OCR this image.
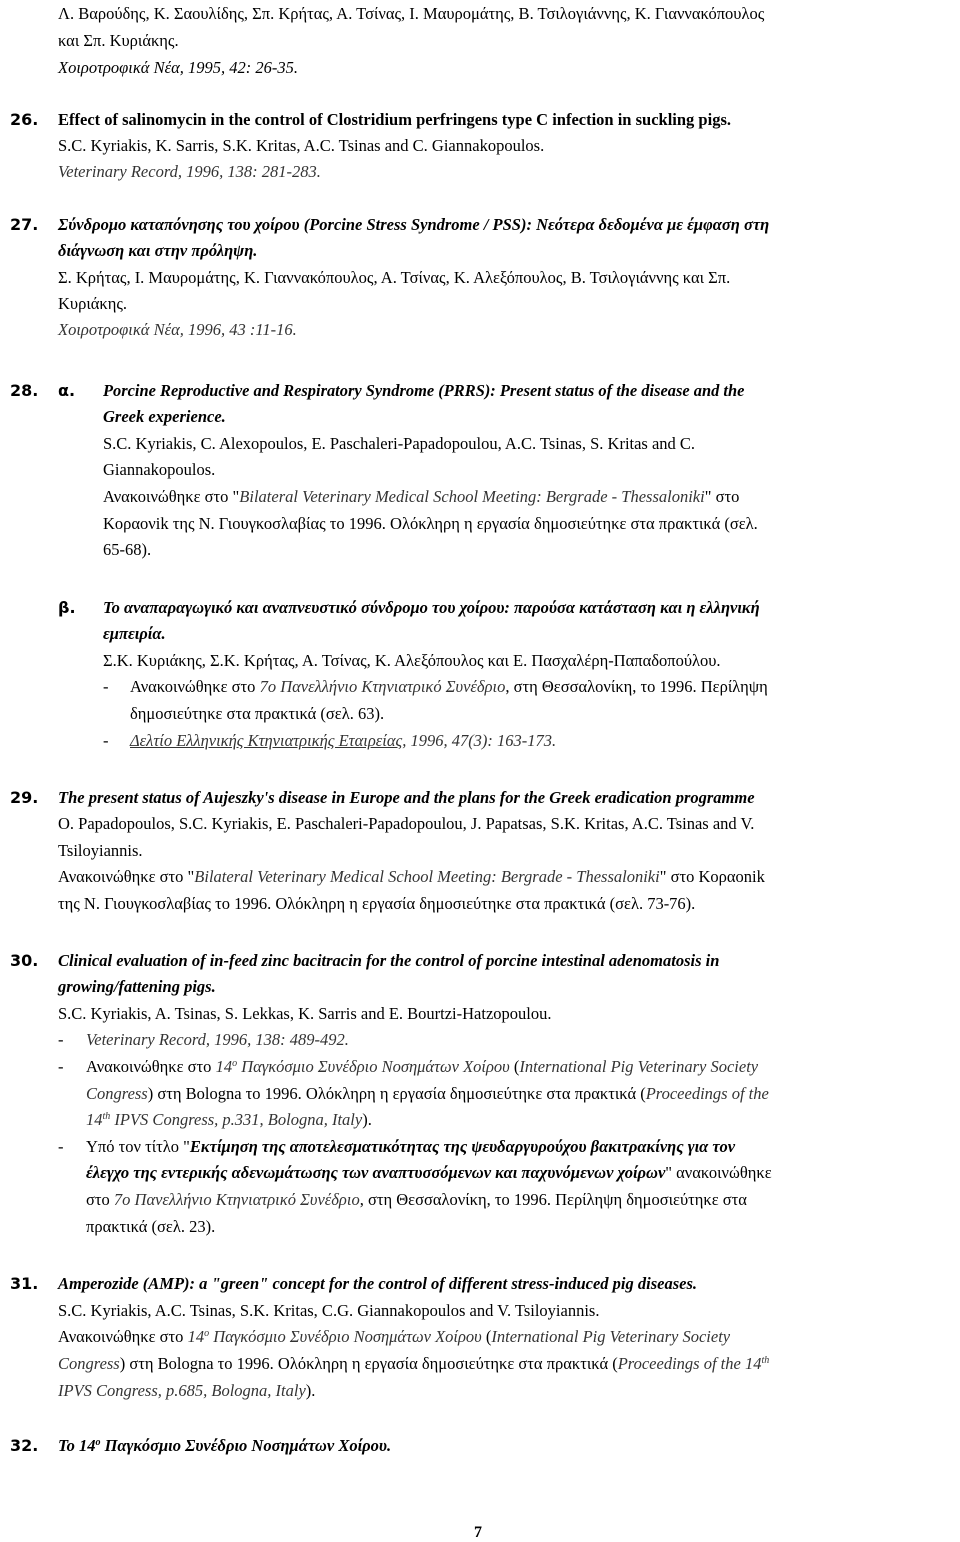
Λ. Βαρούδης, Κ. Σαουλίδης, Σπ. Κρήτας, Α. Τσίνας, Ι. Μαυρομάτης, Β. Τσιλογιάννης, Κ. Γιαννακόπουλος
και Σπ. Κυριάκης.
Χοιροτροφικά Νέα, 1995, 42: 26-35.
26. Effect of salinomycin in the control of Clostridium perfringens type C infection in suckling pigs.
S.C. Kyriakis, K. Sarris, S.K. Kritas, A.C. Tsinas and C. Giannakopoulos.
Veterinary Record, 1996, 138: 281-283.
27. Σύνδρομο καταπόνησης του χοίρου (Porcine Stress Syndrome / PSS): Νεότερα δεδομένα με έμφαση στη
διάγνωση και στην πρόληψη.
Σ. Κρήτας, Ι. Μαυρομάτης, Κ. Γιαννακόπουλος, Α. Τσίνας, Κ. Αλεξόπουλος, Β. Τσιλογιάννης και Σπ.
Κυριάκης.
Χοιροτροφικά Νέα, 1996, 43 :11-16.
28. α. Porcine Reproductive and Respiratory Syndrome (PRRS): Present status of the disease and the
Greek experience.
S.C. Kyriakis, C. Alexopoulos, E. Paschaleri-Papadopoulou, A.C. Tsinas, S. Kritas and C.
Giannakopoulos.
Ανακοινώθηκε στο "Bilateral Veterinary Medical School Meeting: Bergrade - Thessaloniki" στο
Κοραονik της Ν. Γιουγκοσλαβίας το 1996. Ολόκληρη η εργασία δημοσιεύτηκε στα πρακτικά (σελ.
65-68).
β. Το αναπαραγωγικό και αναπνευστικό σύνδρομο του χοίρου: παρούσα κατάσταση και η ελληνική
εμπειρία.
Σ.Κ. Κυριάκης, Σ.Κ. Κρήτας, Α. Τσίνας, Κ. Αλεξόπουλος και Ε. Πασχαλέρη-Παπαδοπούλου.
- Ανακοινώθηκε στο 7ο Πανελλήνιο Κτηνιατρικό Συνέδριο, στη Θεσσαλονίκη, το 1996. Περίληψη
δημοσιεύτηκε στα πρακτικά (σελ. 63).
- Δελτίο Ελληνικής Κτηνιατρικής Εταιρείας, 1996, 47(3): 163-173.
29. The present status of Aujeszky's disease in Europe and the plans for the Greek eradication programme
O. Papadopoulos, S.C. Kyriakis, E. Paschaleri-Papadopoulou, J. Papatsas, S.K. Kritas, A.C. Tsinas and V.
Tsiloyiannis.
Ανακοινώθηκε στο "Bilateral Veterinary Medical School Meeting: Bergrade - Thessaloniki" στο Κοραonik
της Ν. Γιουγκοσλαβίας το 1996. Ολόκληρη η εργασία δημοσιεύτηκε στα πρακτικά (σελ. 73-76).
30. Clinical evaluation of in-feed zinc bacitracin for the control of porcine intestinal adenomatosis in
growing/fattening pigs.
S.C. Kyriakis, A. Tsinas, S. Lekkas, K. Sarris and E. Bourtzi-Hatzopoulou.
- Veterinary Record, 1996, 138: 489-492.
- Ανακοινώθηκε στο $14^o$ Παγκόσμιο Συνέδριο Νοσημάτων Χοίρου (International Pig Veterinary Society
Congress) στη Bologna το 1996. Ολόκληρη η εργασία δημοσιεύτηκε στα πρακτικά (Proceedings of the
14th IPVS Congress, p.331, Bologna, Italy).
- Υπό τον τίτλο "Εκτίμηση της αποτελεσματικότητας της ψευδαργυρούχου βακιτρακίνης για τον
έλεγχο της εντερικής αδενωμάτωσης των αναπτυσσόμενων και παχυνόμενων χοίρων" ανακοινώθηκε
στο 7ο Πανελλήνιο Κτηνιατρικό Συνέδριο, στη Θεσσαλονίκη, το 1996. Περίληψη δημοσιεύτηκε στα
πρακτικά (σελ. 23).
31. Amperozide (AMP): a "green" concept for the control of different stress-induced pig diseases.
S.C. Kyriakis, A.C. Tsinas, S.K. Kritas, C.G. Giannakopoulos and V. Tsiloyiannis.
Ανακοινώθηκε στο $14^o$ Παγκόσμιο Συνέδριο Νοσημάτων Χοίρου (International Pig Veterinary Society
Congress) στη Bologna το 1996. Ολόκληρη η εργασία δημοσιεύτηκε στα πρακτικά (Proceedings of the 14th
IPVS Congress, p.685, Bologna, Italy).
32. Το $14^o$ Παγκόσμιο Συνέδριο Νοσημάτων Χοίρου.
7
